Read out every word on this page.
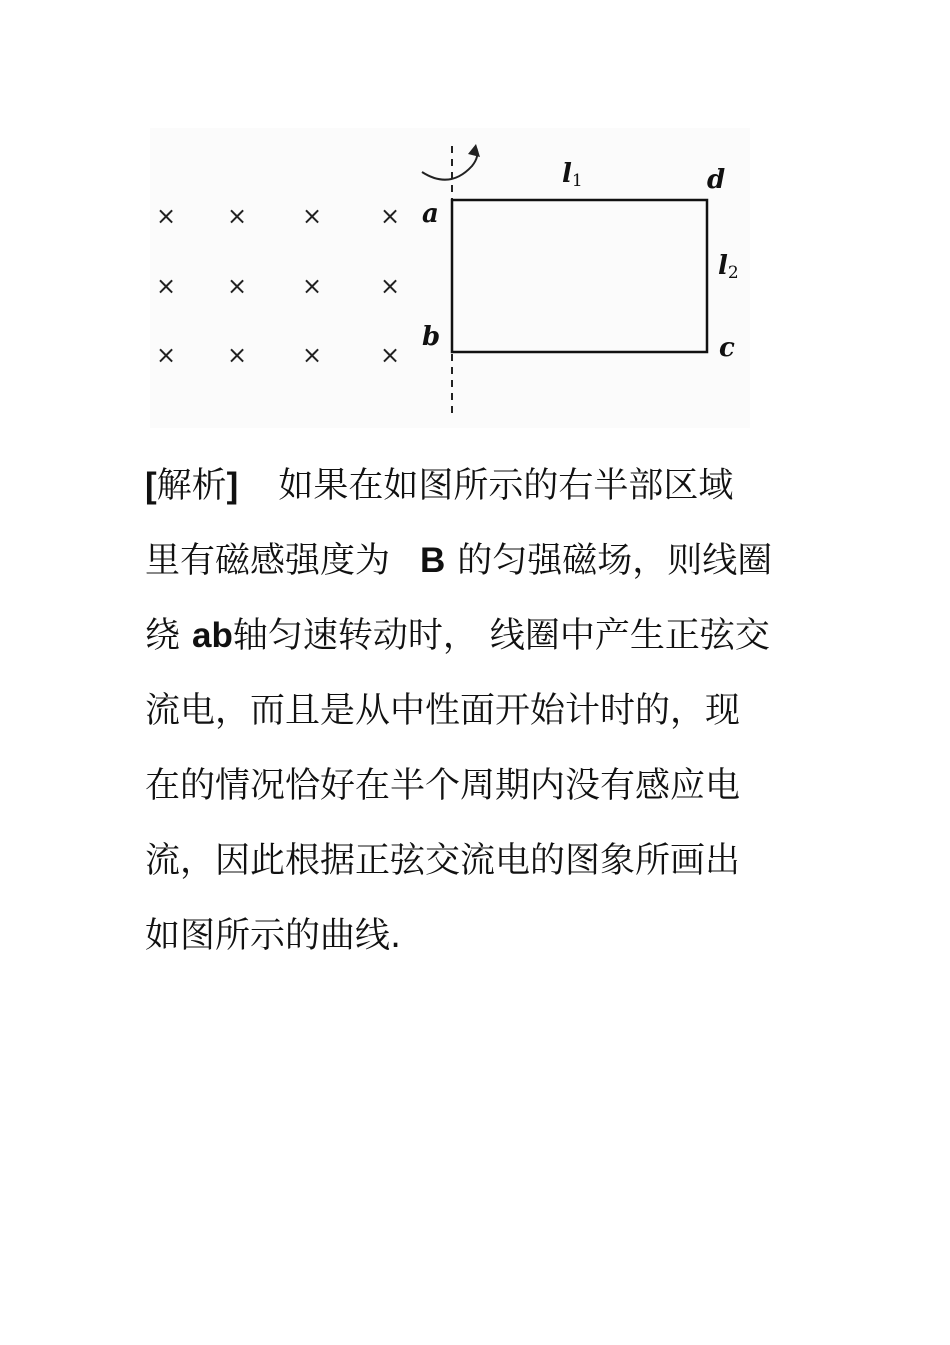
× × × ×
× × × ×
× × × ×
a
b	c
d
l1
l2
[解析] 如果在如图所示的右半部区域
里有磁感强度为 B 的匀强磁场，则线圈
绕 ab轴匀速转动时， 线圈中产生正弦交
流电，而且是从中性面开始计时的，现
在的情况恰好在半个周期内没有感应电
流，因此根据正弦交流电的图象所画出
如图所示的曲线.
